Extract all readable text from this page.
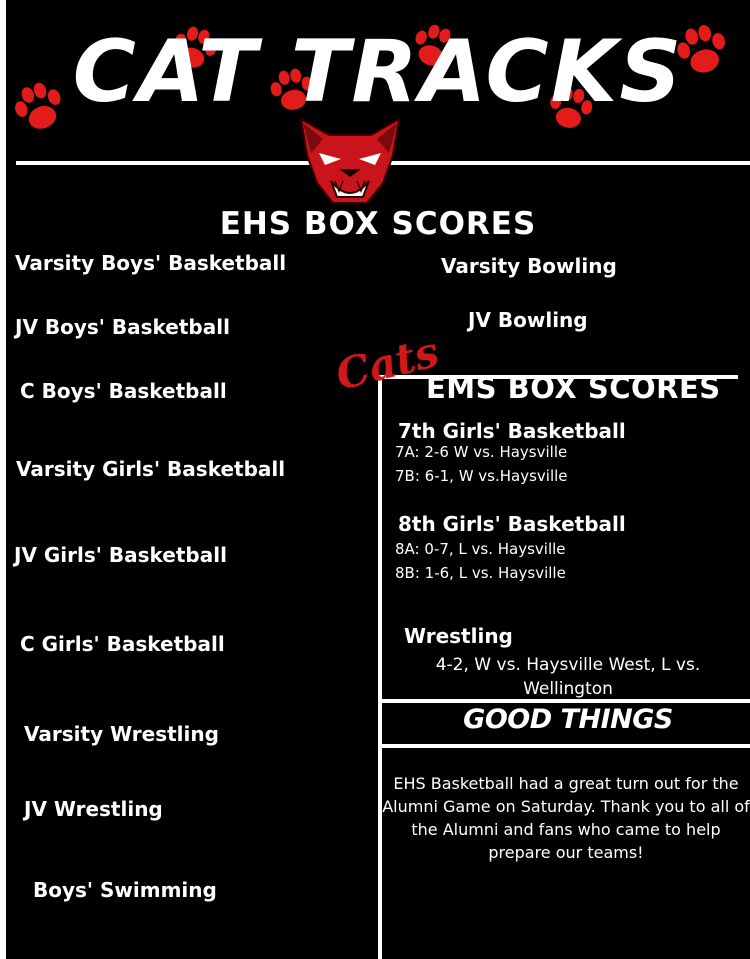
CAT TRACKS
EHS BOX SCORES
Varsity Boys' Basketball
JV Boys' Basketball
C Boys' Basketball
Varsity Girls' Basketball
JV Girls' Basketball
C Girls' Basketball
Varsity Wrestling
JV Wrestling
Boys' Swimming
Varsity Bowling
JV Bowling
Cats
EMS BOX SCORES
7th Girls' Basketball
7A: 2-6 W vs. Haysville
7B: 6-1, W vs.Haysville
8th Girls' Basketball
8A: 0-7, L vs. Haysville
8B: 1-6, L vs. Haysville
Wrestling
4-2, W vs. Haysville West, L vs.
Wellington
GOOD THINGS
EHS Basketball had a great turn out for the Alumni Game on Saturday. Thank you to all of the Alumni and fans who came to help prepare our teams!
